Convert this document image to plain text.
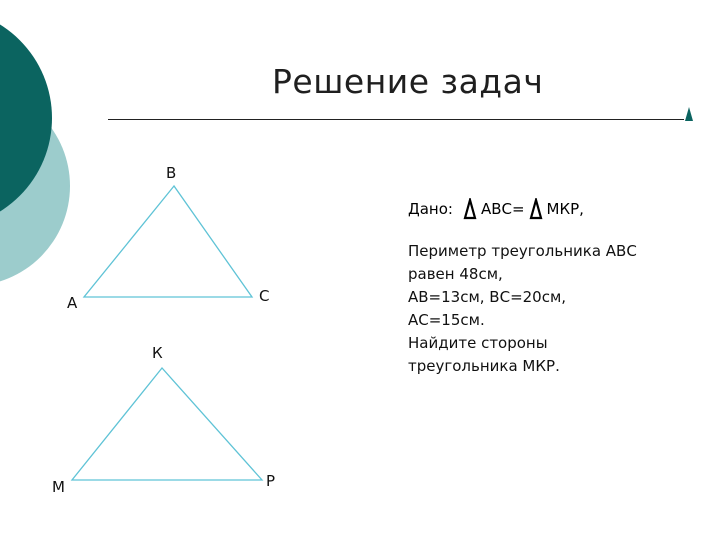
Решение задач
В
А	С
К
М	Р
Дано: АВС= МКР,
Периметр треугольника АВС
равен 48см,
АВ=13см, ВС=20см,
АС=15см.
Найдите стороны
треугольника МКР.
